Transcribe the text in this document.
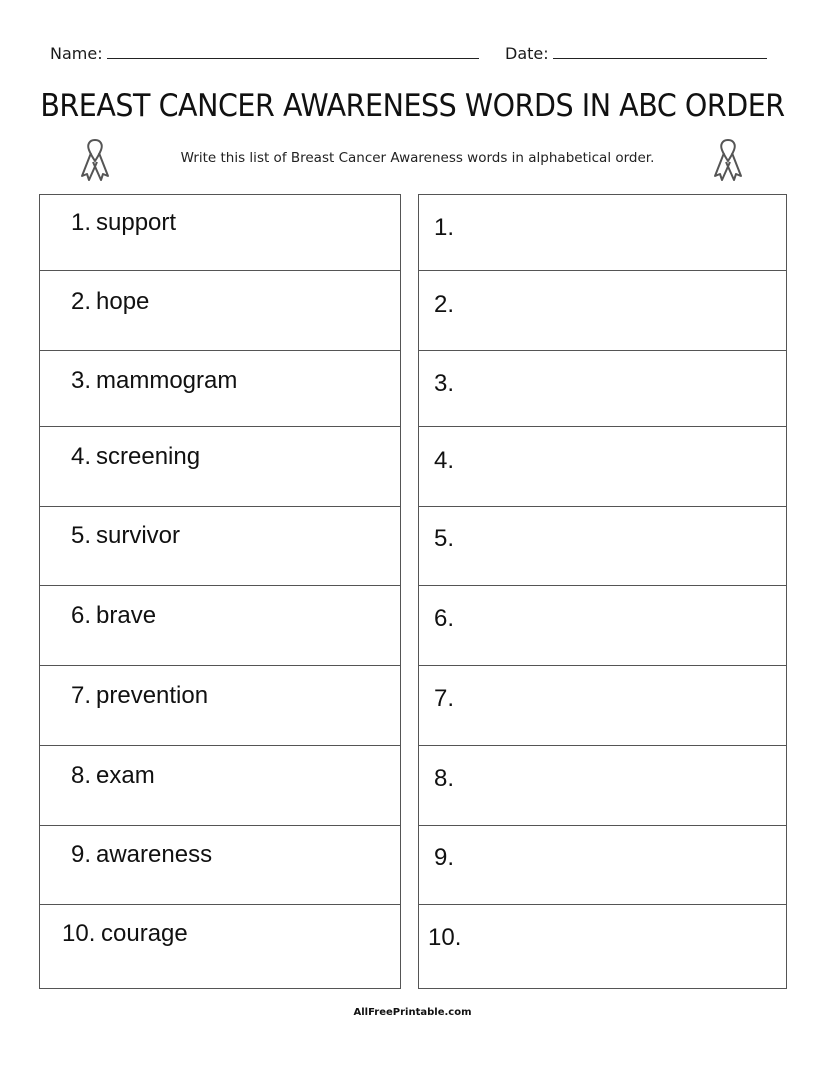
Name:	Date:
BREAST CANCER AWARENESS WORDS IN ABC ORDER
Write this list of Breast Cancer Awareness words in alphabetical order.
1. support
2. hope
3. mammogram
4. screening
5. survivor
6. brave
7. prevention
8. exam
9. awareness
10. courage
1.
2.
3.
4.
5.
6.
7.
8.
9.
10.
AllFreePrintable.com
